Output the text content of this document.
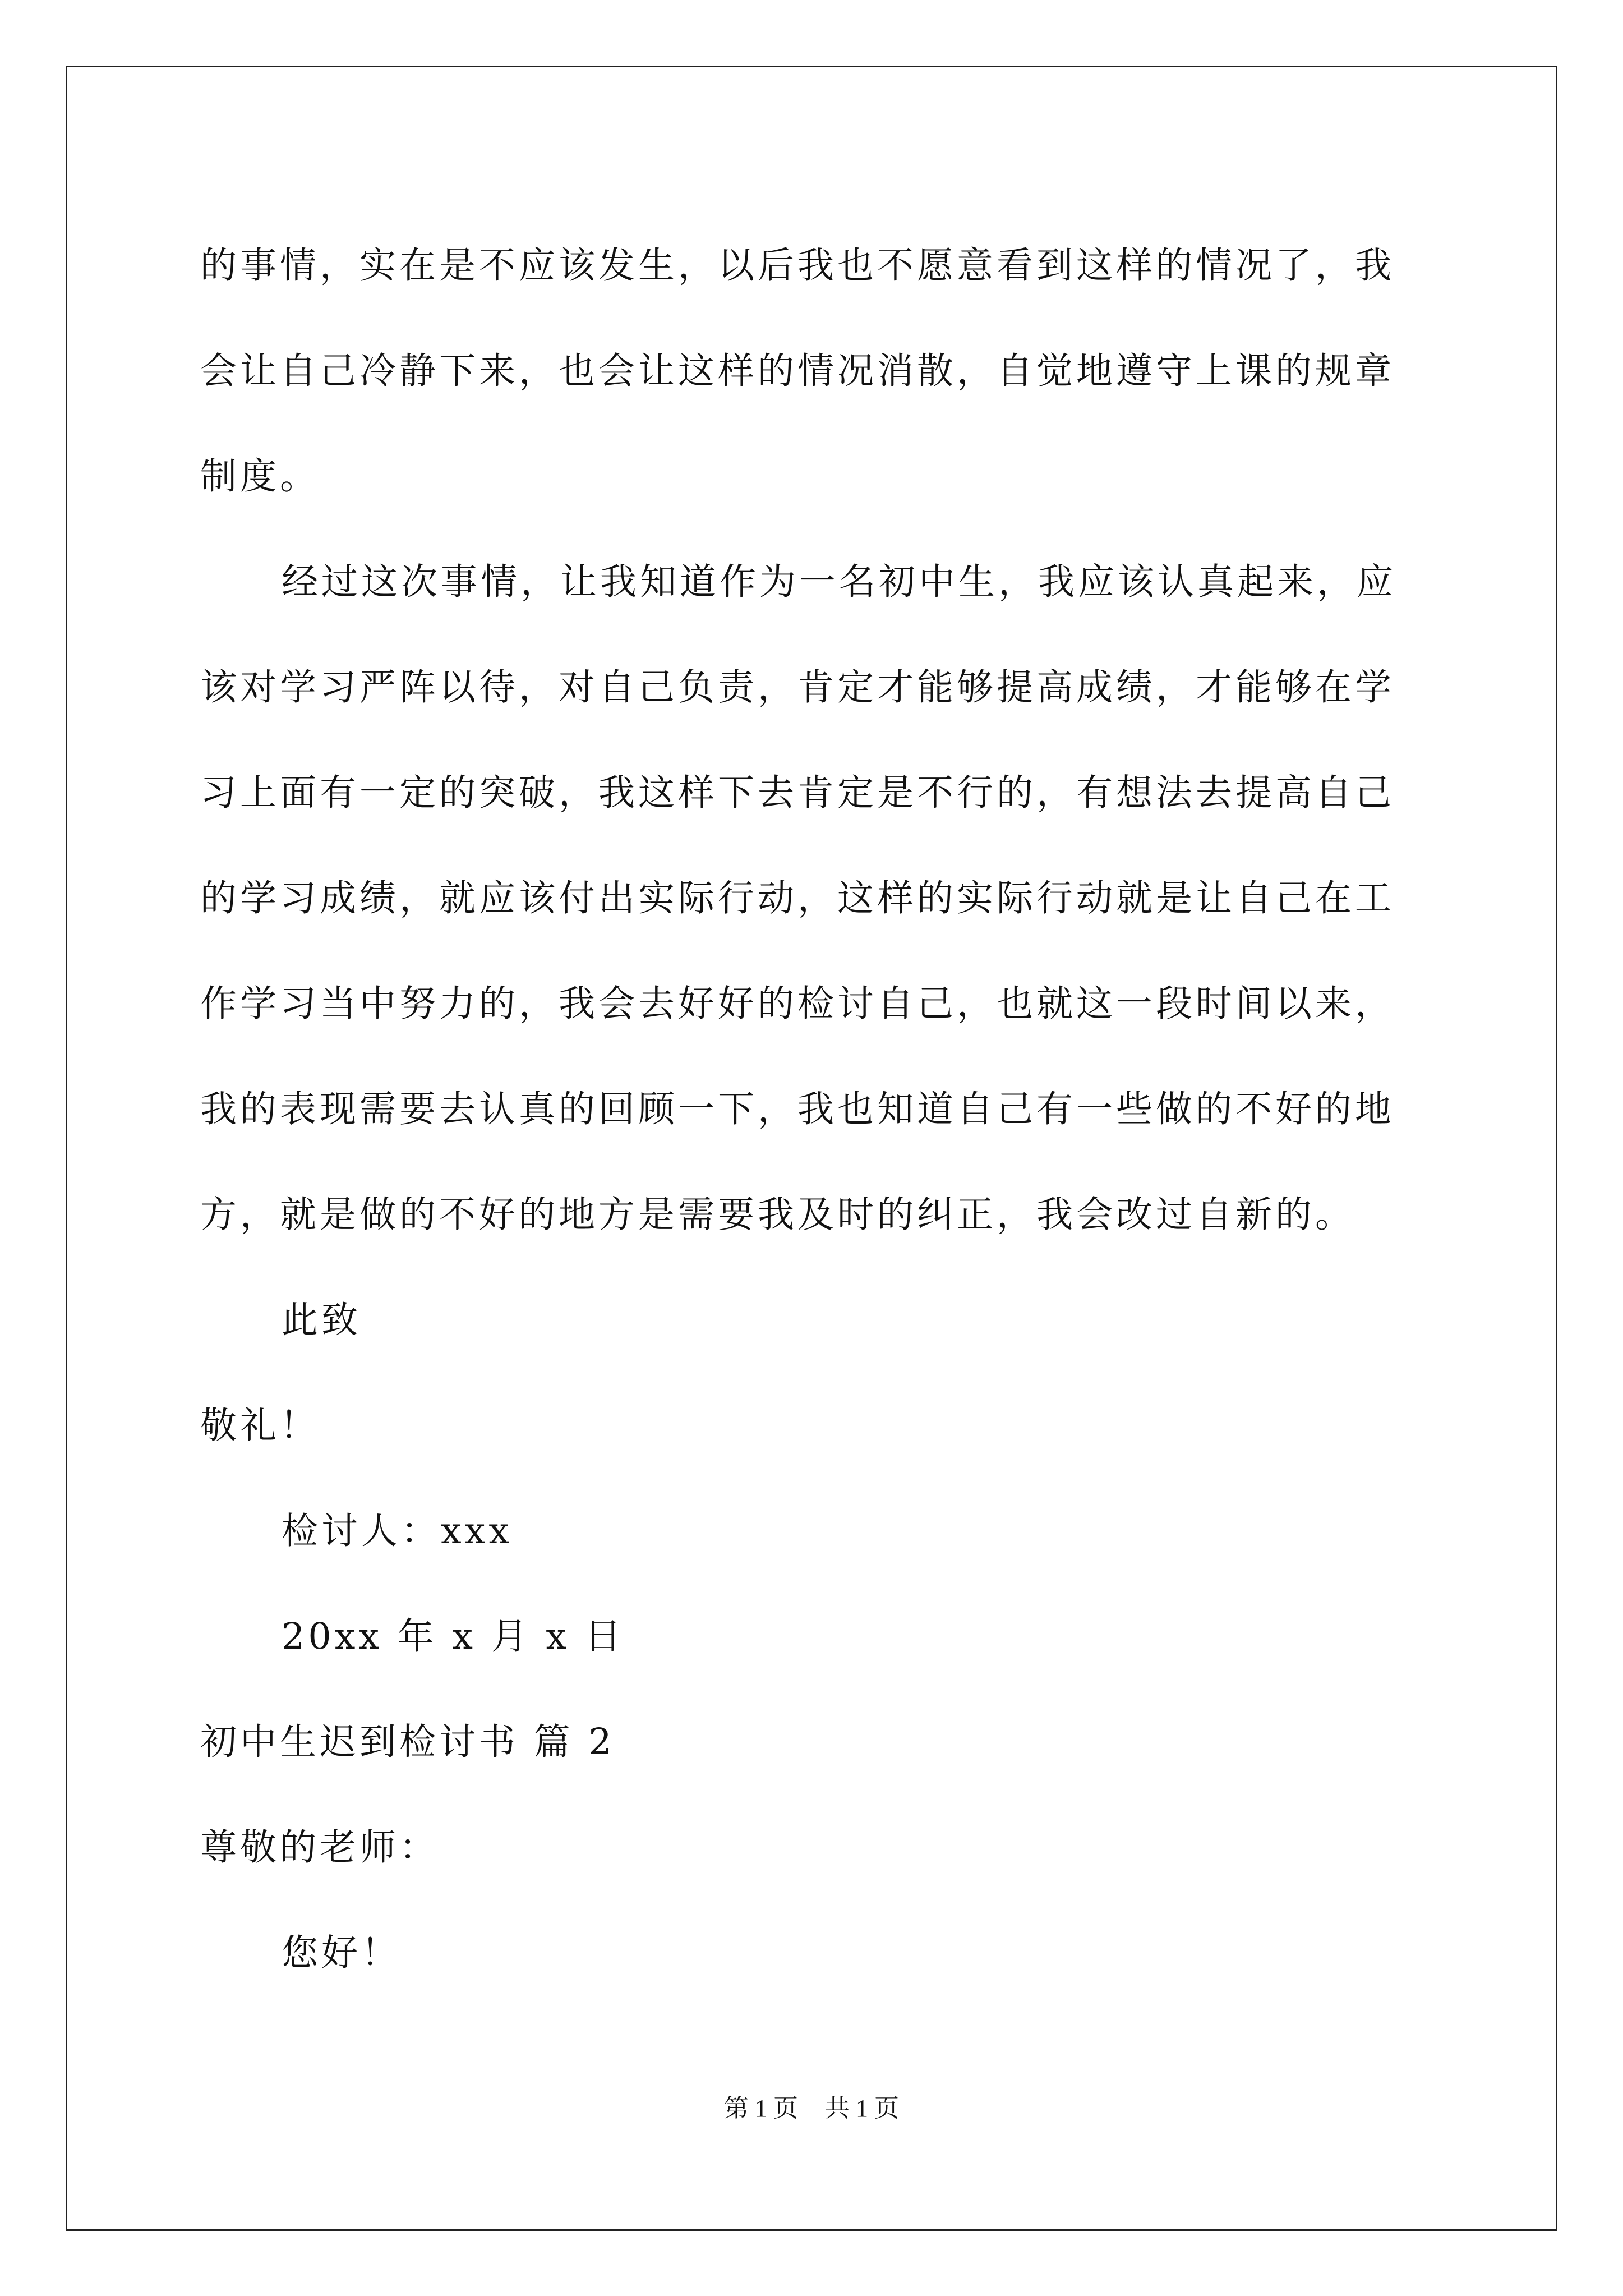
的事情，实在是不应该发生，以后我也不愿意看到这样的情况了，我
会让自己冷静下来，也会让这样的情况消散，自觉地遵守上课的规章
制度。
经过这次事情，让我知道作为一名初中生，我应该认真起来，应
该对学习严阵以待，对自己负责，肯定才能够提高成绩，才能够在学
习上面有一定的突破，我这样下去肯定是不行的，有想法去提高自己
的学习成绩，就应该付出实际行动，这样的实际行动就是让自己在工
作学习当中努力的，我会去好好的检讨自己，也就这一段时间以来，
我的表现需要去认真的回顾一下，我也知道自己有一些做的不好的地
方，就是做的不好的地方是需要我及时的纠正，我会改过自新的。
此致
敬礼！
检讨人：xxx
20xx 年 x 月 x 日
初中生迟到检讨书 篇 2
尊敬的老师：
您好！
第 1 页 共 1 页
